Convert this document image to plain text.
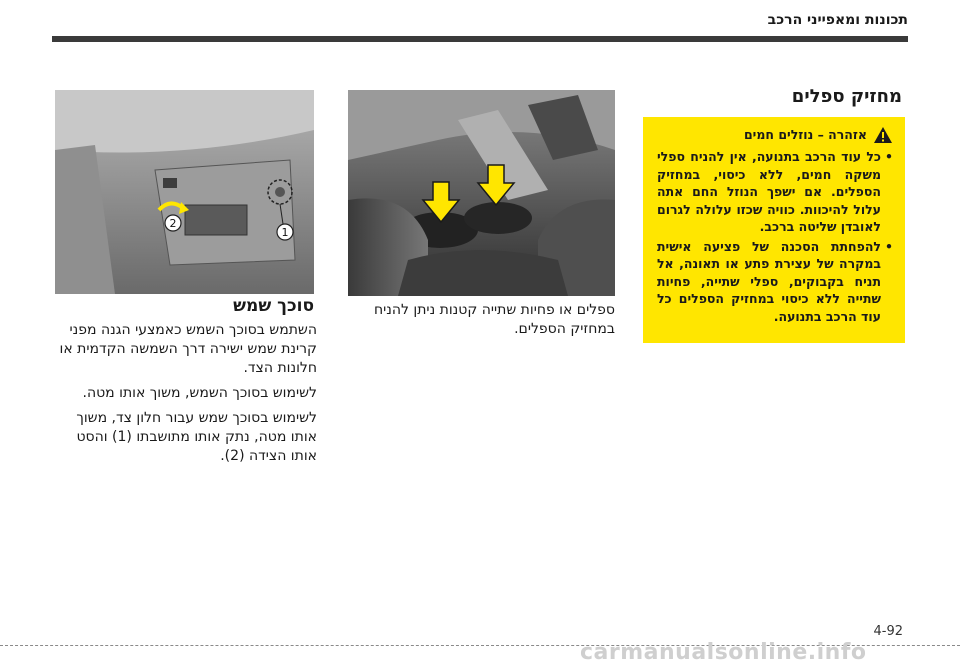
תכונות ומאפייני הרכב
מחזיק ספלים
אזהרה – נוזלים חמים
• כל עוד הרכב בתנועה, אין להניח ספלי משקה חמים, ללא כיסוי, במחזיק הספלים. אם ישפך הנוזל החם אתה עלול להיכוות. כוויה שכזו עלולה לגרום לאובדן שליטה ברכב.
• להפחתת הסכנה של פציעה אישית במקרה של עצירת פתע או תאונה, אל תניח בקבוקים, ספלי שתייה, פחיות שתייה ללא כיסוי במחזיק הספלים כל עוד הרכב בתנועה.
ספלים או פחיות שתייה קטנות ניתן להניח במחזיק הספלים.
1
2
סוכך שמש

השתמש בסוכך השמש כאמצעי הגנה מפני קרינת שמש ישירה דרך השמשה הקדמית או חלונות הצד.

לשימוש בסוכך השמש, משוך אותו מטה.

לשימוש בסוכך שמש עבור חלון צד, משוך אותו מטה, נתק אותו מתושבתו (1) והסט אותו הצידה (2).

4-92
carmanualsonline.info
